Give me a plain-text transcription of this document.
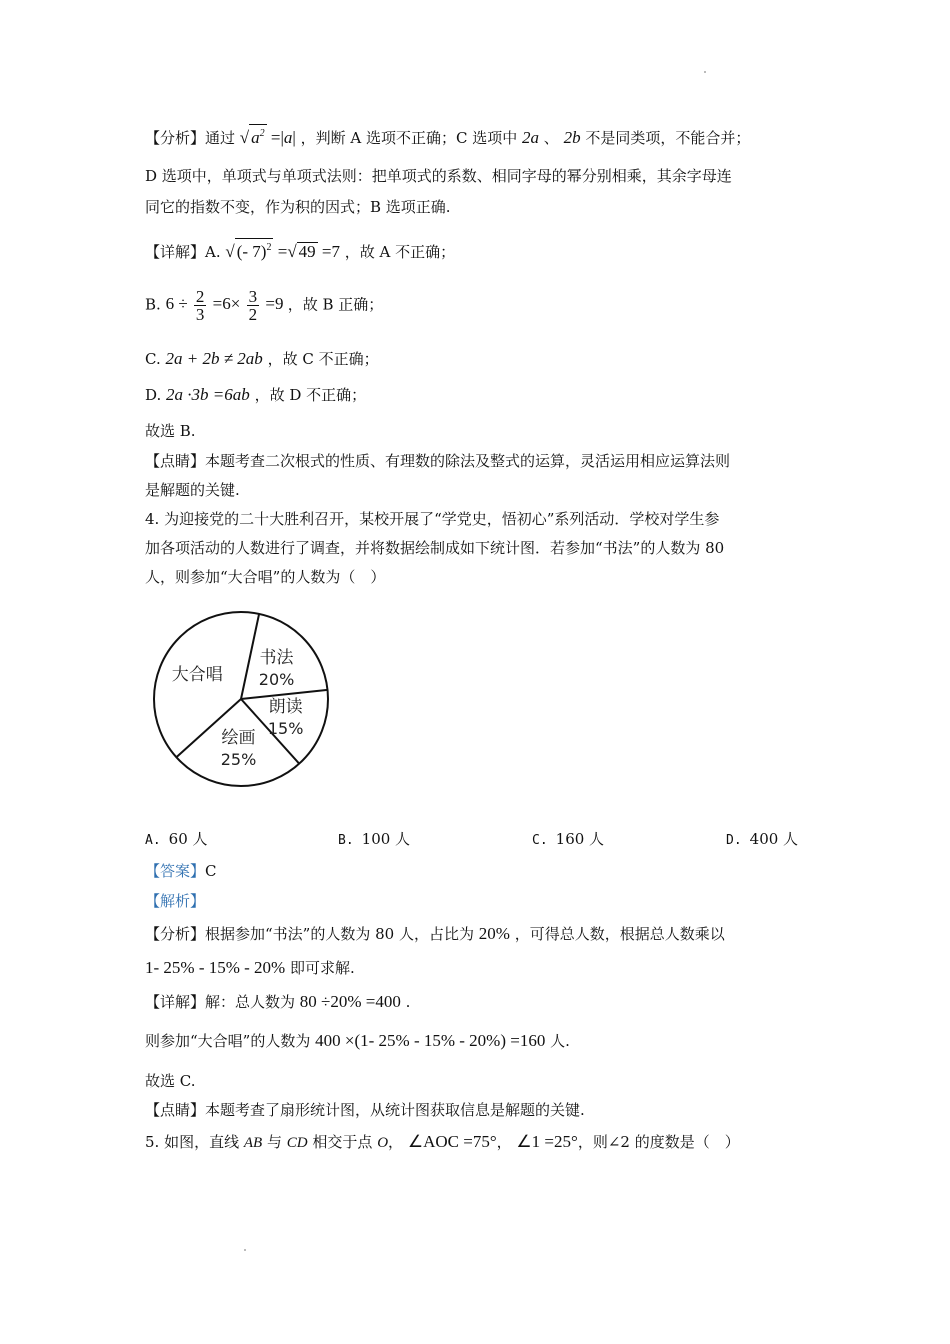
【分析】通过 √ $a^2 =|a|$ ，判断 A 选项不正确；C 选项中 2a 、 2b 不是同类项，不能合并；
D 选项中，单项式与单项式法则：把单项式的系数、相同字母的幂分别相乘，其余字母连
同它的指数不变，作为积的因式；B 选项正确.
【详解】A. √ (- 7)$^2$ =√ 49 =7 ，故 A 不正确；
B. $6 \div \frac{2}{3} =6\times \frac{3}{2} =9$ ，故 B 正确；
C. 2a + 2b ≠ 2ab ，故 C 不正确；
D. 2a ·3b =6ab ，故 D 不正确；
故选 B.
【点睛】本题考查二次根式的性质、有理数的除法及整式的运算，灵活运用相应运算法则
是解题的关键.
4. 为迎接党的二十大胜利召开，某校开展了“学党史，悟初心”系列活动．学校对学生参
加各项活动的人数进行了调查，并将数据绘制成如下统计图．若参加“书法”的人数为 80
人，则参加“大合唱”的人数为（　）
书法
20%
朗读
15%
绘画
25%
大合唱
A. 60 人	B. 100 人	C. 160 人	D. 400 人
【答案】C
【解析】
【分析】根据参加“书法”的人数为 80 人，占比为 20% ，可得总人数，根据总人数乘以
1- 25% - 15% - 20% 即可求解.
【详解】解：总人数为 80 ÷20% =400 .
则参加“大合唱”的人数为 400 ×(1- 25% - 15% - 20%) =160 人.
故选 C.
【点睛】本题考查了扇形统计图，从统计图获取信息是解题的关键.
5. 如图，直线 AB 与 CD 相交于点 O， ∠AOC =75°， ∠1 =25°，则∠2 的度数是（　）
